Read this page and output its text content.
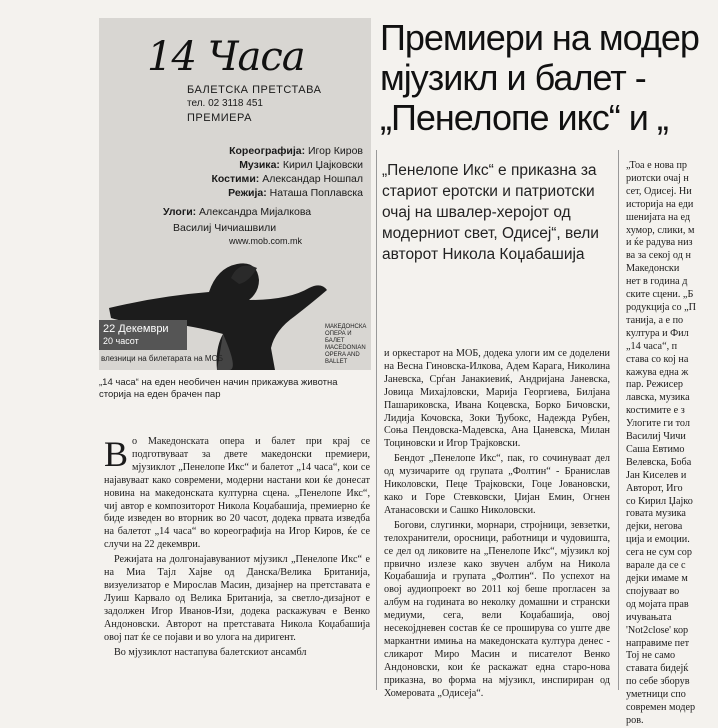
14 Часа
БАЛЕТСКА ПРЕТСТАВА
тел. 02 3118 451
ПРЕМИЕРА
Кореографија: Игор Киров
Музика: Кирил Џајковски
Костими: Александар Ношпал
Режија: Наташа Поплавска
Улоги: Александра Мијалкова
Василиј Чичиашвили
www.mob.com.mk
22 Декември
20 часот
влезници на билетарата на МОБ
МАКЕДОНСКА ОПЕРА И БАЛЕТ MACEDONIAN OPERA AND BALLET
„14 часа“ на еден необичен начин прикажува животна сторија на еден брачен пар
Премиери на модер
мјузикл и балет -
„Пенелопе икс“ и „
„Пенелопе Икс“ е приказна за стариот еротски и патриотски очај на швалер-херојот од модерниот свет, Одисеј“, вели авторот Никола Коџабашија

Во Македонската опера и балет при крај се подготвуваат за двете македонски премиери, мјузиклот „Пенелопе Икс“ и балетот „14 часа“, кои се најавуваат како современи, модерни настани кои ќе донесат новина на македонската културна сцена. „Пенелопе Икс“, чиј автор е композиторот Никола Коџабашија, премиерно ќе биде изведен во вторник во 20 часот, додека првата изведба на балетот „14 часа“ во кореографија на Игор Киров, ќе се случи на 22 декември.

Режијата на долгонајавуваниот мјузикл „Пенелопе Икс“ е на Миа Тајл Хајве од Данска/Велика Британија, визуелизатор е Мирослав Масин, дизајнер на претставата е Луиш Карвало од Велика Британија, за светло-дизајнот е задолжен Игор Иванов-Изи, додека раскажувач е Венко Андоновски. Авторот на претставата Никола Коџабашија овој пат ќе се појави и во улога на диригент.

Во мјузиклот настапува балетскиот ансамбл

и оркестарот на МОБ, додека улоги им се доделени на Весна Гиновска-Илкова, Адем Карага, Николина Јаневска, Срѓан Јанакиевиќ, Андријана Јаневска, Јовица Михајловски, Марија Георгиева, Билјана Пашариковска, Ивана Коцевска, Борко Бичовски, Лидија Кочовска, Зоки Ђубокс, Надежда Рубен, Соња Пендовска-Мадевска, Ана Цаневска, Милан Тоциновски и Игор Трајковски.

Бендот „Пенелопе Икс“, пак, го сочинуваат дел од музичарите од групата „Фолтин“ - Бранислав Николовски, Пеце Трајковски, Гоце Јовановски, како и Горе Стевковски, Џијан Емин, Огнен Атанасовски и Сашко Николовски.

Богови, слугинки, морнари, стројници, зевзетки, телохранители, оросници, работници и чудовишта, се дел од ликовите на „Пенелопе Икс“, мјузикл кој првично излезе како звучен албум на Никола Коџабашија и групата „Фолтин“. По успехот на овој аудиопроект во 2011 кој беше прогласен за албум на годината во неколку домашни и странски медиуми, сега, вели Коџабашија, овој несекојдневен состав ќе се проширува со уште две маркантни имиња на македонската култура денес - сликарот Миро Масин и писателот Венко Андоновски, кои ќе раскажат една старо-нова приказна, во форма на мјузикл, инспириран од Хомеровата „Одисеја“.

„Тоа е нова пр
риотски очај н
сет, Одисеј. Ни
историја на еди
шенијата на ед
хумор, слики, м
и ќе радува низ
ва за секој од н
Македонски
нет в година д
ските сцени. „Б
родукција со „П
танија, а е по
културa и Фил
„14 часа“, п
става со кој на
кажува една ж
пар. Режисер
лавска, музика
костимите е з
Улогите ги тол
Василиј Чичи
Саша Евтимо
Велевска, Боба
Јан Киселев и
Авторот, Иго
со Кирил Џајко
говата музика
дејки, негова
ција и емоции.
сега не сум сор
варале да се с
дејки имаме м
спојуваат во
од мојата прав
ичувањата
'Not2close' кор
направиме пет
Тој не само
ставата бидејќ
по себе зборув
уметници спо
современ модер
ров.
